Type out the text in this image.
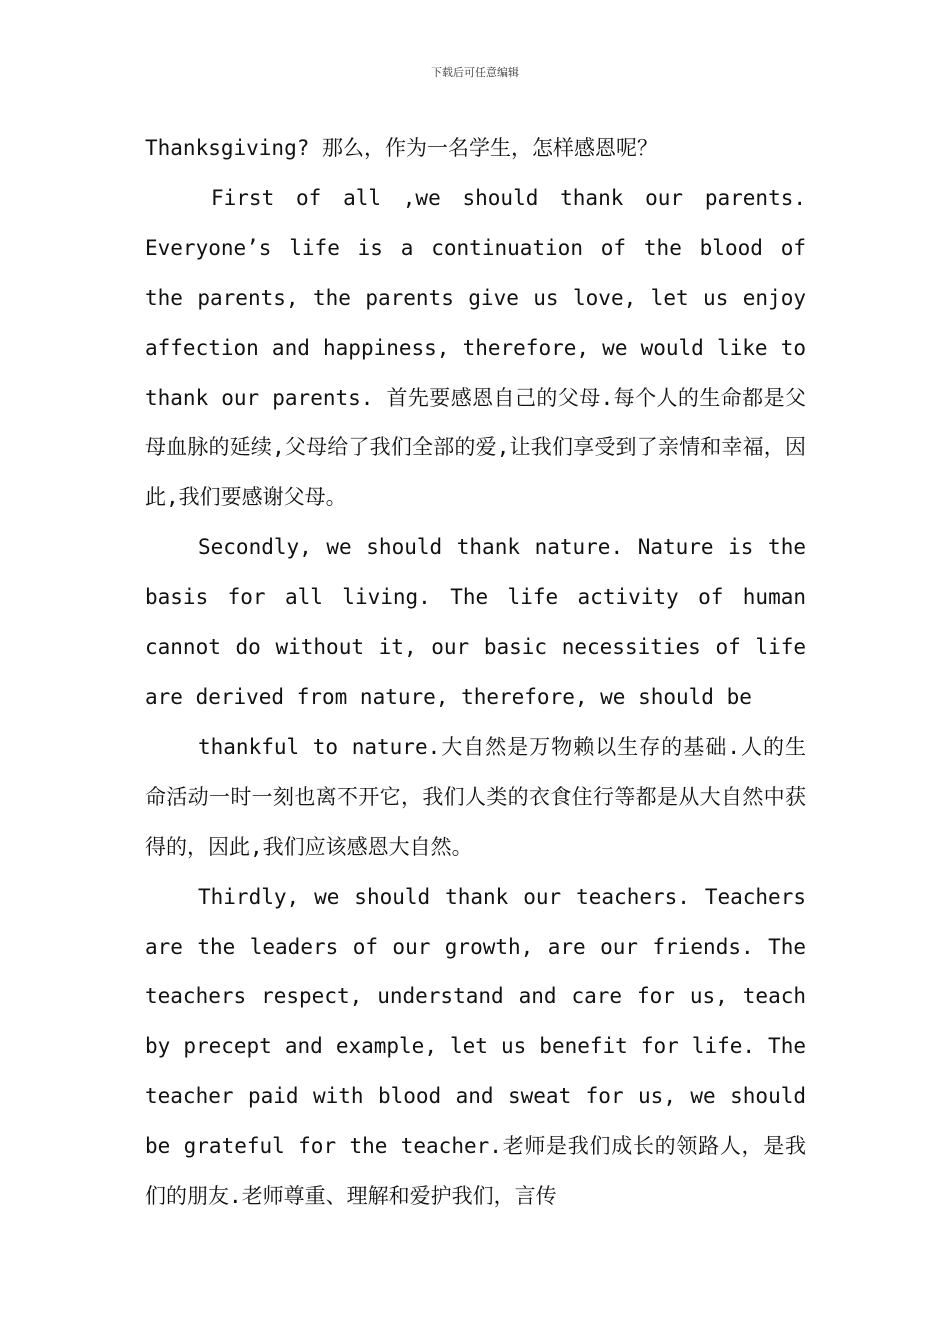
下载后可任意编辑

Thanksgiving? 那么，作为一名学生，怎样感恩呢？

First of all ,we should thank our parents. Everyone’s life is a continuation of the blood of the parents, the parents give us love, let us enjoy affection and happiness, therefore, we would like to thank our parents. 首先要感恩自己的父母.每个人的生命都是父母血脉的延续,父母给了我们全部的爱,让我们享受到了亲情和幸福，因此,我们要感谢父母。

Secondly, we should thank nature. Nature is the basis for all living. The life activity of human cannot do without it, our basic necessities of life are derived from nature, therefore, we should be

thankful to nature.大自然是万物赖以生存的基础.人的生命活动一时一刻也离不开它，我们人类的衣食住行等都是从大自然中获得的，因此,我们应该感恩大自然。

Thirdly, we should thank our teachers. Teachers are the leaders of our growth, are our friends. The teachers respect, understand and care for us, teach by precept and example, let us benefit for life. The teacher paid with blood and sweat for us, we should be grateful for the teacher.老师是我们成长的领路人，是我们的朋友.老师尊重、理解和爱护我们，言传
